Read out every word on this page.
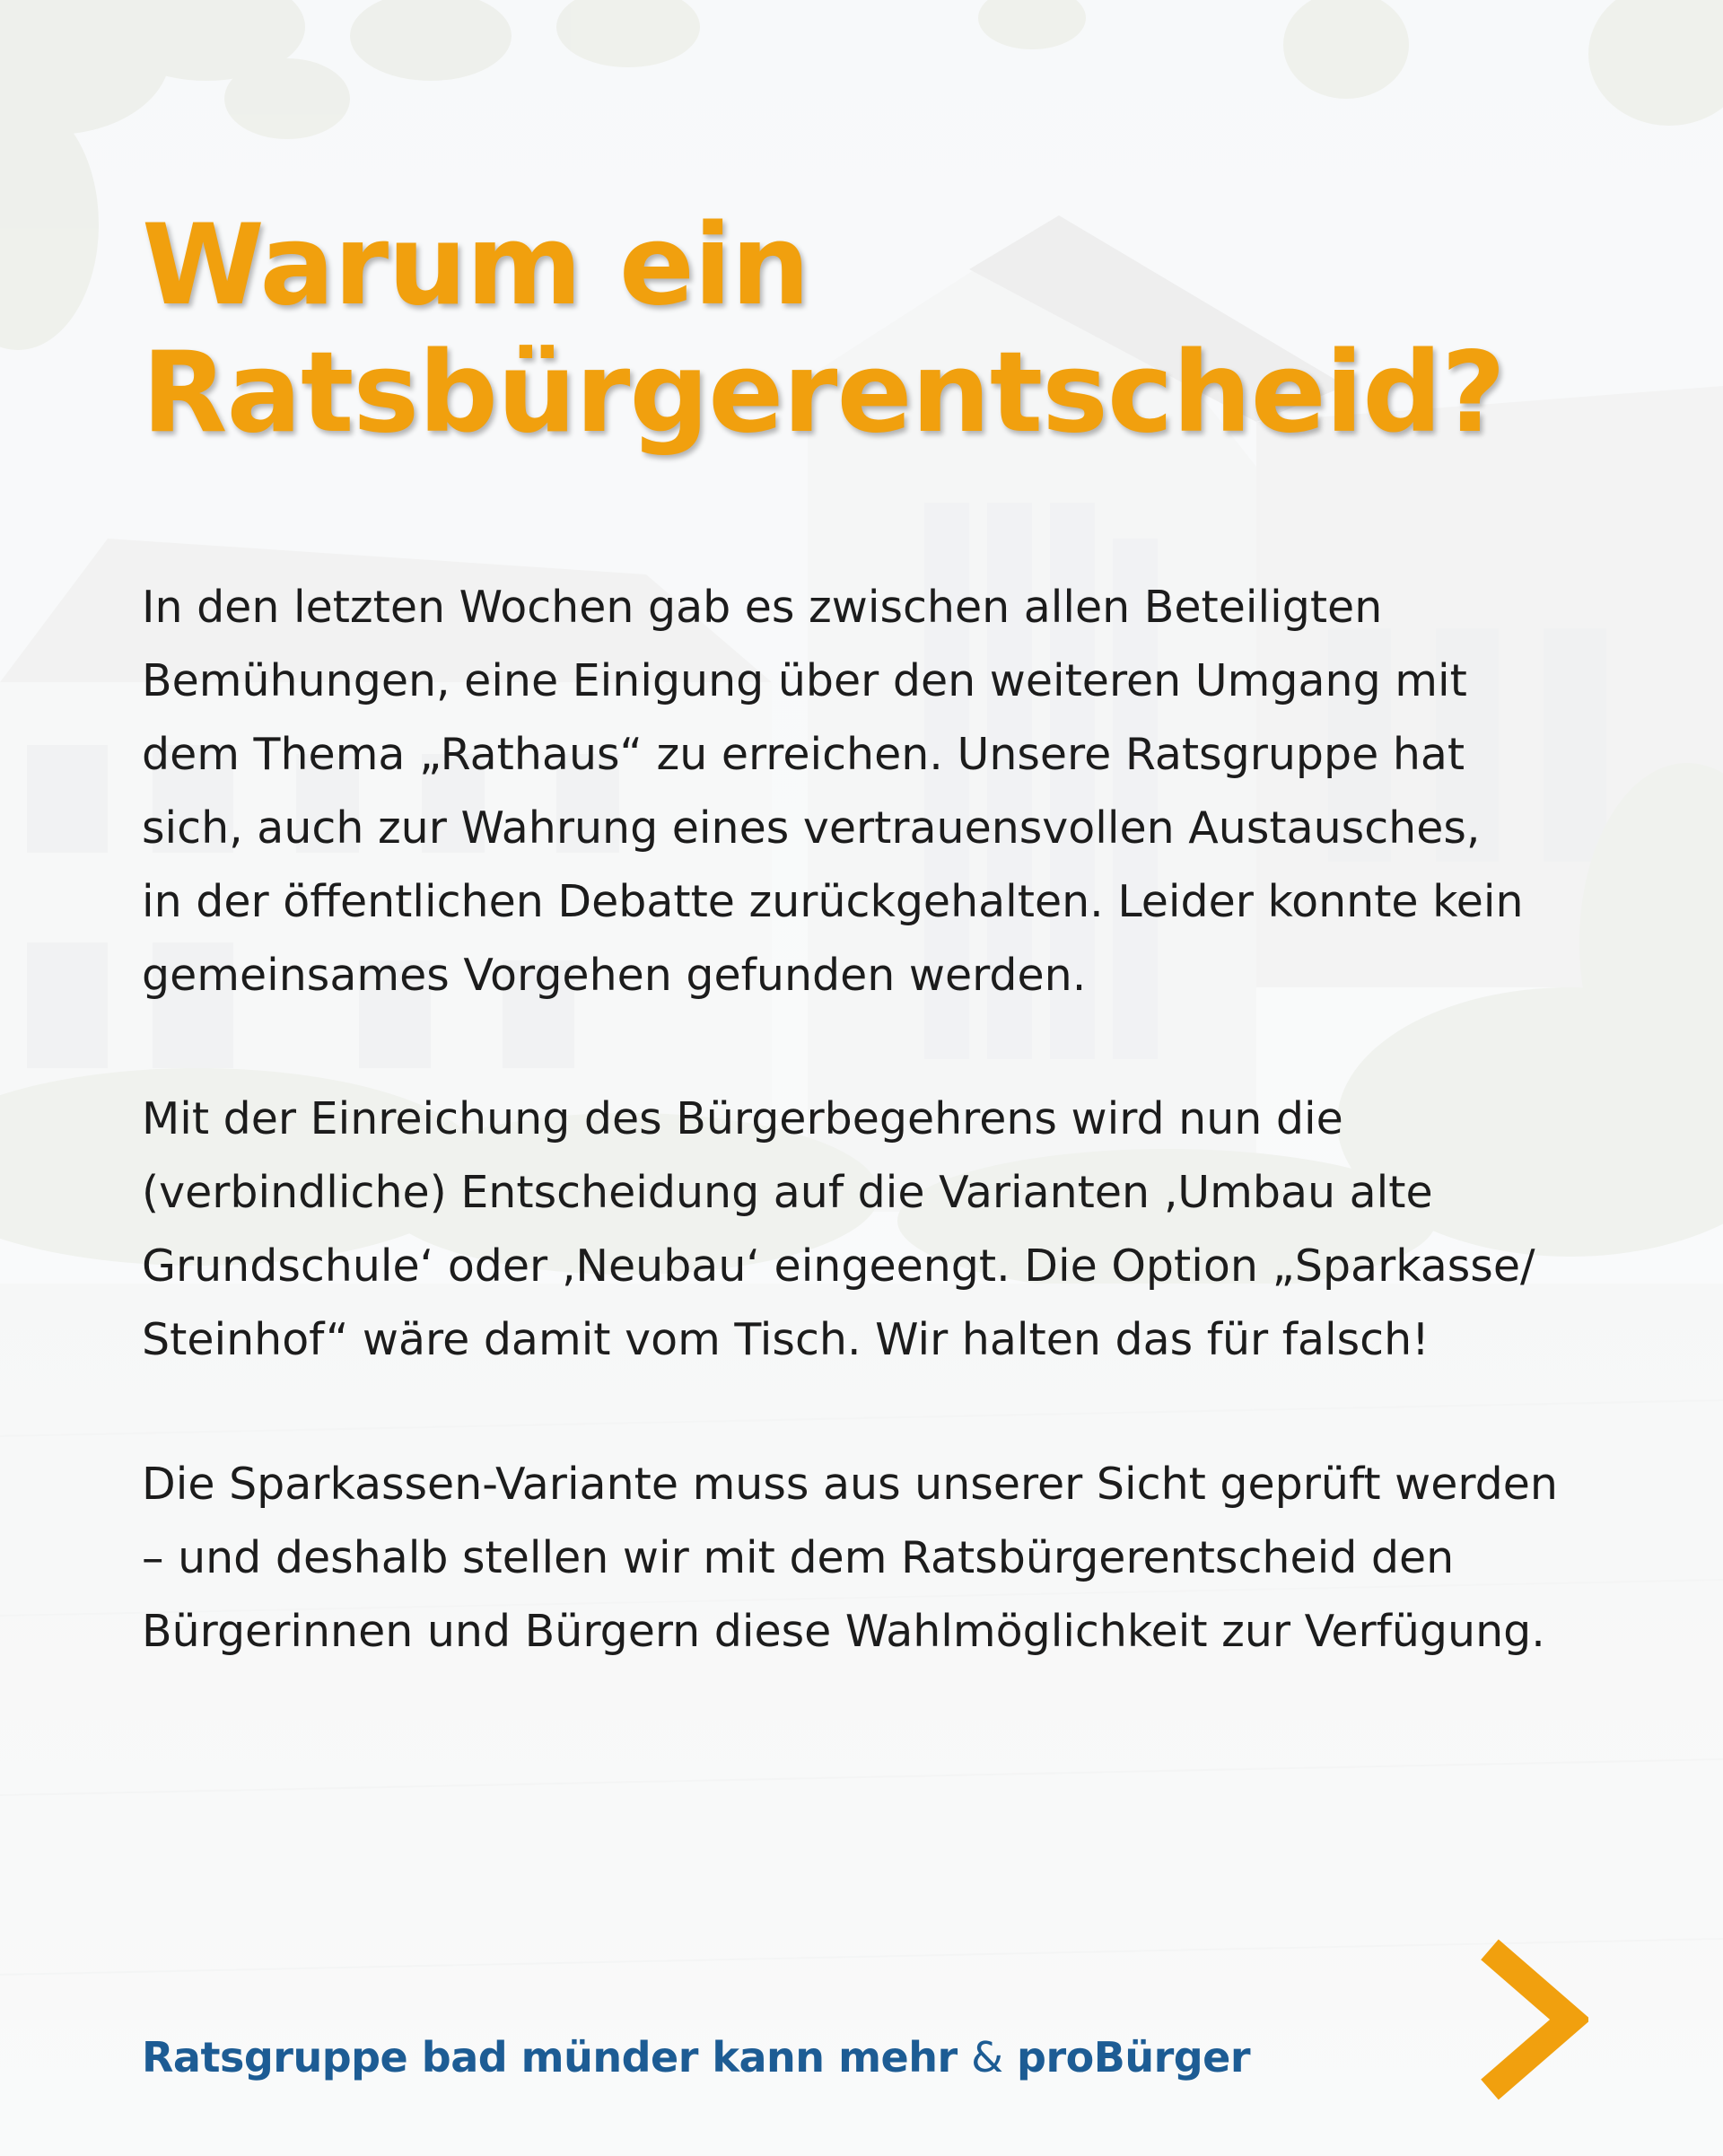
Warum ein
Ratsbürgerentscheid?
In den letzten Wochen gab es zwischen allen Beteiligten
Bemühungen, eine Einigung über den weiteren Umgang mit
dem Thema „Rathaus“ zu erreichen. Unsere Ratsgruppe hat
sich, auch zur Wahrung eines vertrauensvollen Austausches,
in der öffentlichen Debatte zurückgehalten. Leider konnte kein
gemeinsames Vorgehen gefunden werden.
Mit der Einreichung des Bürgerbegehrens wird nun die
(verbindliche) Entscheidung auf die Varianten ‚Umbau alte
Grundschule‘ oder ‚Neubau‘ eingeengt. Die Option „Sparkasse/
Steinhof“ wäre damit vom Tisch. Wir halten das für falsch!
Die Sparkassen-Variante muss aus unserer Sicht geprüft werden
– und deshalb stellen wir mit dem Ratsbürgerentscheid den
Bürgerinnen und Bürgern diese Wahlmöglichkeit zur Verfügung.
Ratsgruppe bad münder kann mehr & proBürger
